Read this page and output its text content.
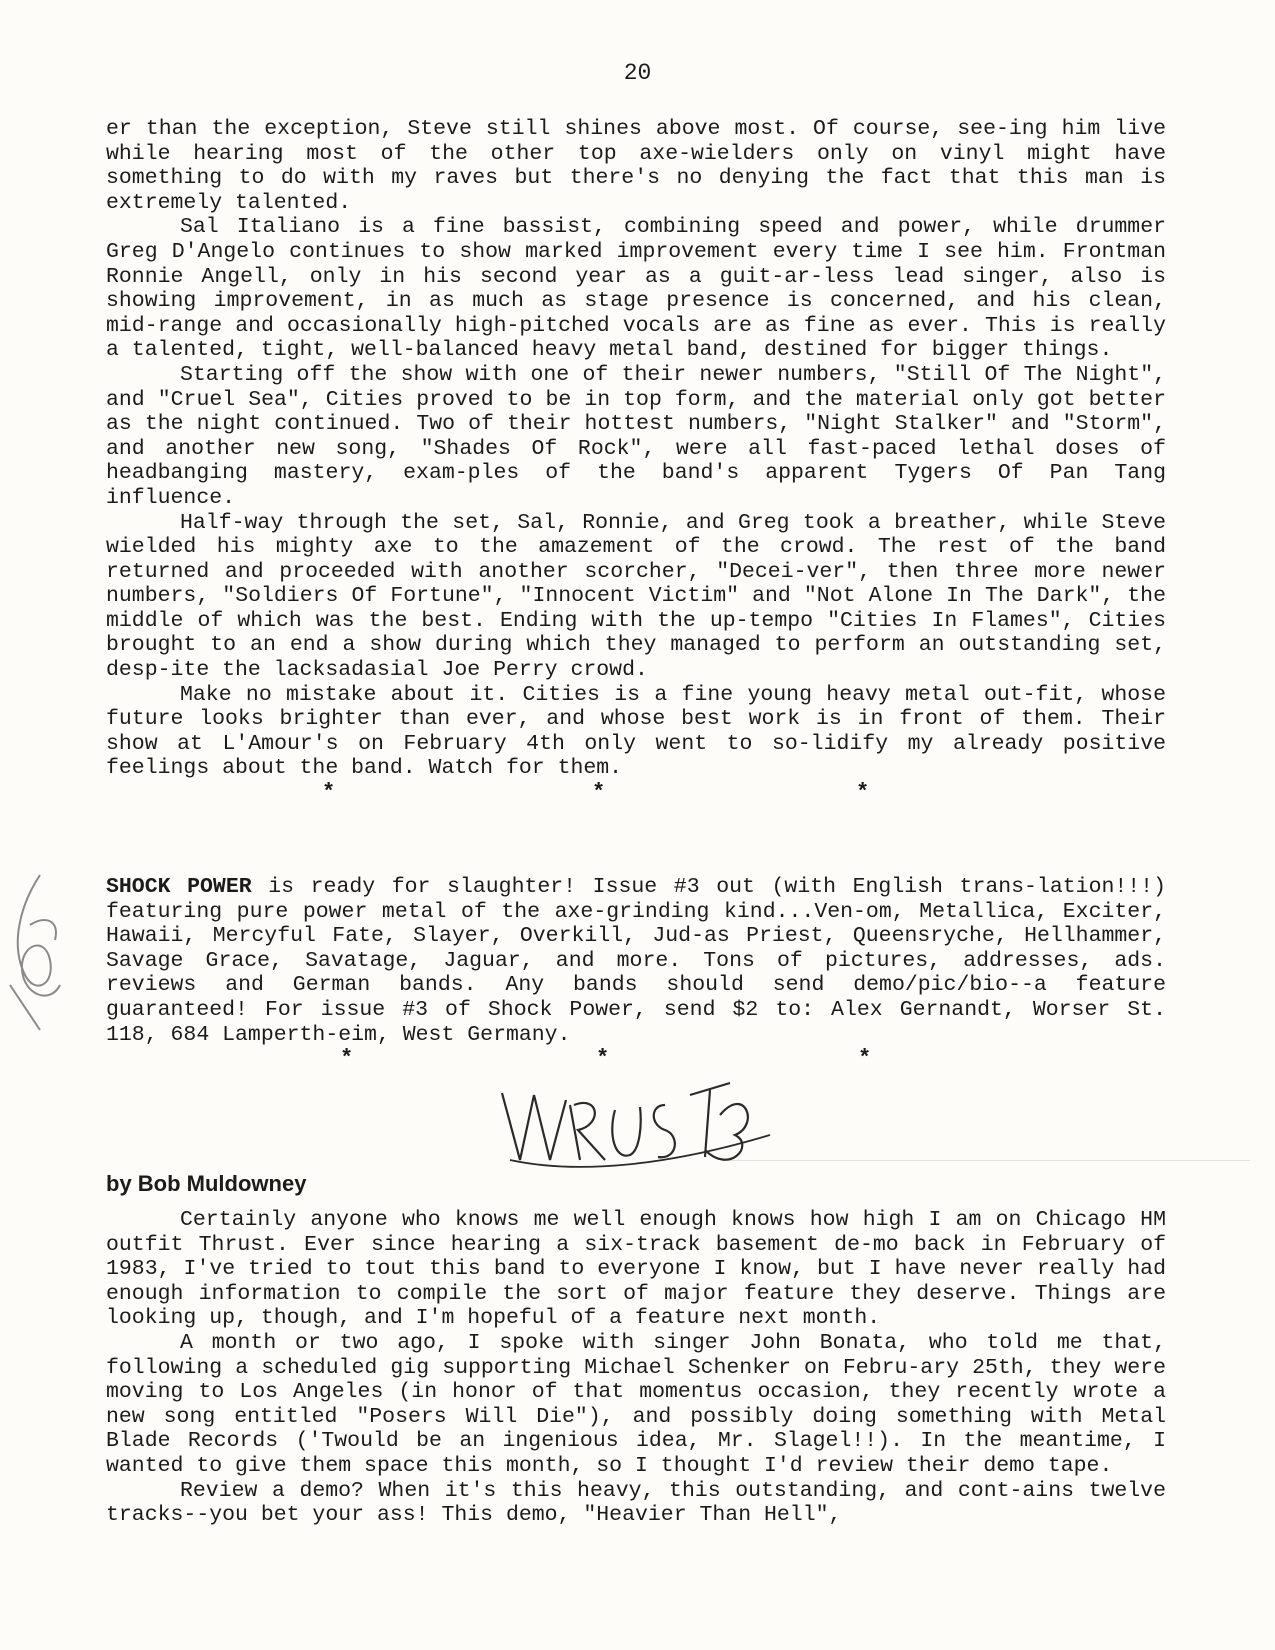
20

er than the exception, Steve still shines above most. Of course, see-ing him live while hearing most of the other top axe-wielders only on vinyl might have something to do with my raves but there's no denying the fact that this man is extremely talented.

Sal Italiano is a fine bassist, combining speed and power, while drummer Greg D'Angelo continues to show marked improvement every time I see him. Frontman Ronnie Angell, only in his second year as a guit-ar-less lead singer, also is showing improvement, in as much as stage presence is concerned, and his clean, mid-range and occasionally high-pitched vocals are as fine as ever. This is really a talented, tight, well-balanced heavy metal band, destined for bigger things.

Starting off the show with one of their newer numbers, "Still Of The Night", and "Cruel Sea", Cities proved to be in top form, and the material only got better as the night continued. Two of their hottest numbers, "Night Stalker" and "Storm", and another new song, "Shades Of Rock", were all fast-paced lethal doses of headbanging mastery, exam-ples of the band's apparent Tygers Of Pan Tang influence.

Half-way through the set, Sal, Ronnie, and Greg took a breather, while Steve wielded his mighty axe to the amazement of the crowd. The rest of the band returned and proceeded with another scorcher, "Decei-ver", then three more newer numbers, "Soldiers Of Fortune", "Innocent Victim" and "Not Alone In The Dark", the middle of which was the best. Ending with the up-tempo "Cities In Flames", Cities brought to an end a show during which they managed to perform an outstanding set, desp-ite the lacksadasial Joe Perry crowd.

Make no mistake about it. Cities is a fine young heavy metal out-fit, whose future looks brighter than ever, and whose best work is in front of them. Their show at L'Amour's on February 4th only went to so-lidify my already positive feelings about the band. Watch for them.

*	*	*

SHOCK POWER is ready for slaughter! Issue #3 out (with English trans-lation!!!) featuring pure power metal of the axe-grinding kind...Ven-om, Metallica, Exciter, Hawaii, Mercyful Fate, Slayer, Overkill, Jud-as Priest, Queensryche, Hellhammer, Savage Grace, Savatage, Jaguar, and more. Tons of pictures, addresses, ads. reviews and German bands. Any bands should send demo/pic/bio--a feature guaranteed! For issue #3 of Shock Power, send $2 to: Alex Gernandt, Worser St. 118, 684 Lamperth-eim, West Germany.

*	*	*
by Bob Muldowney

Certainly anyone who knows me well enough knows how high I am on Chicago HM outfit Thrust. Ever since hearing a six-track basement de-mo back in February of 1983, I've tried to tout this band to everyone I know, but I have never really had enough information to compile the sort of major feature they deserve. Things are looking up, though, and I'm hopeful of a feature next month.

A month or two ago, I spoke with singer John Bonata, who told me that, following a scheduled gig supporting Michael Schenker on Febru-ary 25th, they were moving to Los Angeles (in honor of that momentus occasion, they recently wrote a new song entitled "Posers Will Die"), and possibly doing something with Metal Blade Records ('Twould be an ingenious idea, Mr. Slagel!!). In the meantime, I wanted to give them space this month, so I thought I'd review their demo tape.

Review a demo? When it's this heavy, this outstanding, and cont-ains twelve tracks--you bet your ass! This demo, "Heavier Than Hell",
